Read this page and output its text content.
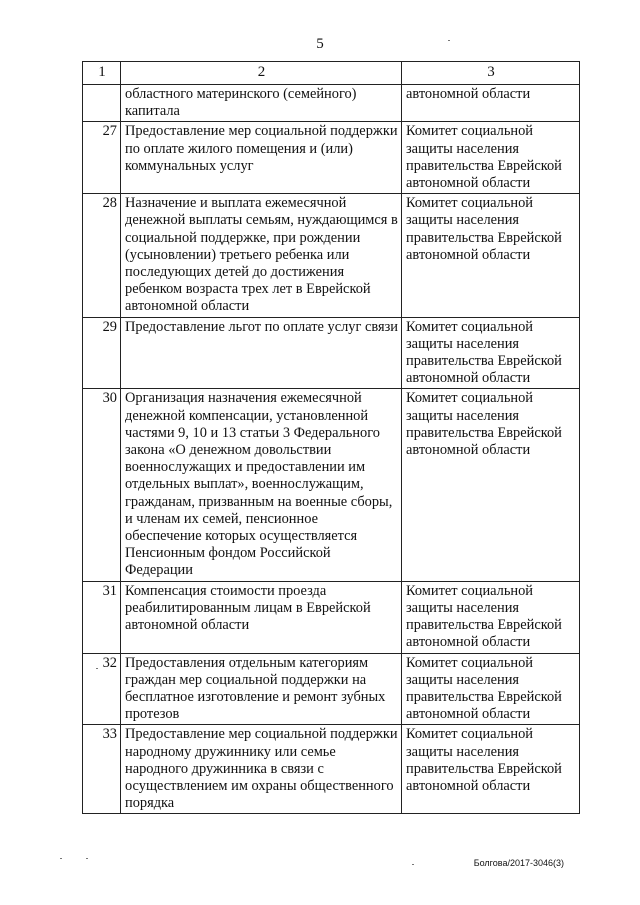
5
1	2	3
	областного материнского (семейного) капитала	автономной области
27	Предоставление мер социальной поддержки по оплате жилого помещения и (или) коммунальных услуг	Комитет социальной защиты населения правительства Еврейской автономной области
28	Назначение и выплата ежемесячной денежной выплаты семьям, нуждающимся в социальной поддержке, при рождении (усыновлении) третьего ребенка или последующих детей до достижения ребенком возраста трех лет в Еврейской автономной области	Комитет социальной защиты населения правительства Еврейской автономной области
29	Предоставление льгот по оплате услуг связи	Комитет социальной защиты населения правительства Еврейской автономной области
30	Организация назначения ежемесячной денежной компенсации, установленной частями 9, 10 и 13 статьи 3 Федерального закона «О денежном довольствии военнослужащих и предоставлении им отдельных выплат», военнослужащим, гражданам, призванным на военные сборы, и членам их семей, пенсионное обеспечение которых осуществляется Пенсионным фондом Российской Федерации	Комитет социальной защиты населения правительства Еврейской автономной области
31	Компенсация стоимости проезда реабилитированным лицам в Еврейской автономной области	Комитет социальной защиты населения правительства Еврейской автономной области
32	Предоставления отдельным категориям граждан мер социальной поддержки на бесплатное изготовление и ремонт зубных протезов	Комитет социальной защиты населения правительства Еврейской автономной области
33	Предоставление мер социальной поддержки народному дружиннику или семье народного дружинника в связи с осуществлением им охраны общественного порядка	Комитет социальной защиты населения правительства Еврейской автономной области
Болгова/2017-3046(3)
